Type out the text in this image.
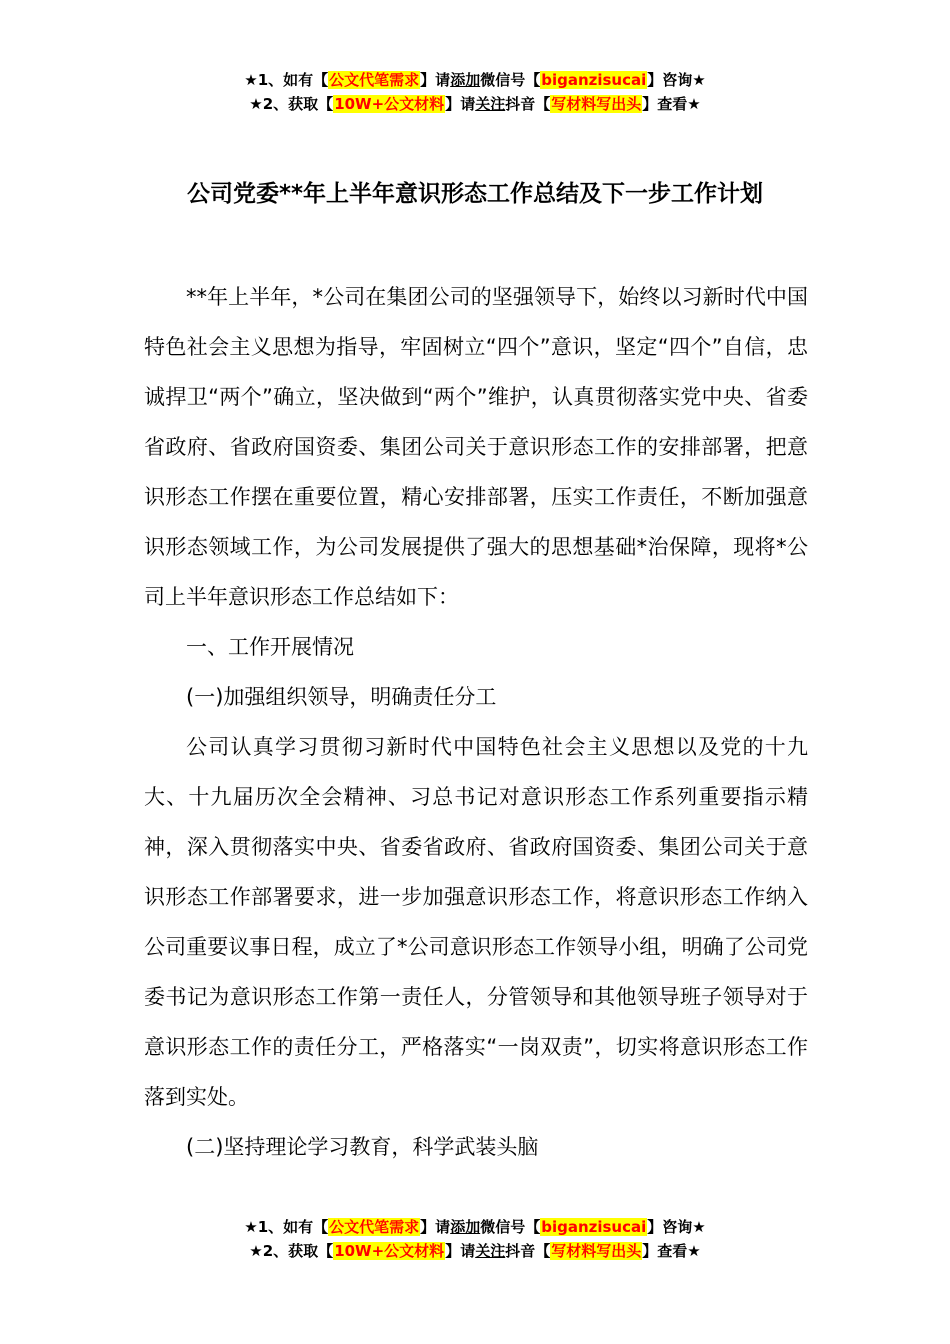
★1、如有【公文代笔需求】请添加微信号【biganzisucai】咨询★
★2、获取【10W+公文材料】请关注抖音【写材料写出头】查看★
公司党委**年上半年意识形态工作总结及下一步工作计划

**年上半年，*公司在集团公司的坚强领导下，始终以习新时代中国特色社会主义思想为指导，牢固树立“四个”意识，坚定“四个”自信，忠诚捍卫“两个”确立，坚决做到“两个”维护，认真贯彻落实党中央、省委省政府、省政府国资委、集团公司关于意识形态工作的安排部署，把意识形态工作摆在重要位置，精心安排部署，压实工作责任，不断加强意识形态领域工作，为公司发展提供了强大的思想基础*治保障，现将*公司上半年意识形态工作总结如下：

一、工作开展情况

(一)加强组织领导，明确责任分工

公司认真学习贯彻习新时代中国特色社会主义思想以及党的十九大、十九届历次全会精神、习总书记对意识形态工作系列重要指示精神，深入贯彻落实中央、省委省政府、省政府国资委、集团公司关于意识形态工作部署要求，进一步加强意识形态工作，将意识形态工作纳入公司重要议事日程，成立了*公司意识形态工作领导小组，明确了公司党委书记为意识形态工作第一责任人，分管领导和其他领导班子领导对于意识形态工作的责任分工，严格落实“一岗双责”，切实将意识形态工作落到实处。

(二)坚持理论学习教育，科学武装头脑

★1、如有【公文代笔需求】请添加微信号【biganzisucai】咨询★
★2、获取【10W+公文材料】请关注抖音【写材料写出头】查看★
